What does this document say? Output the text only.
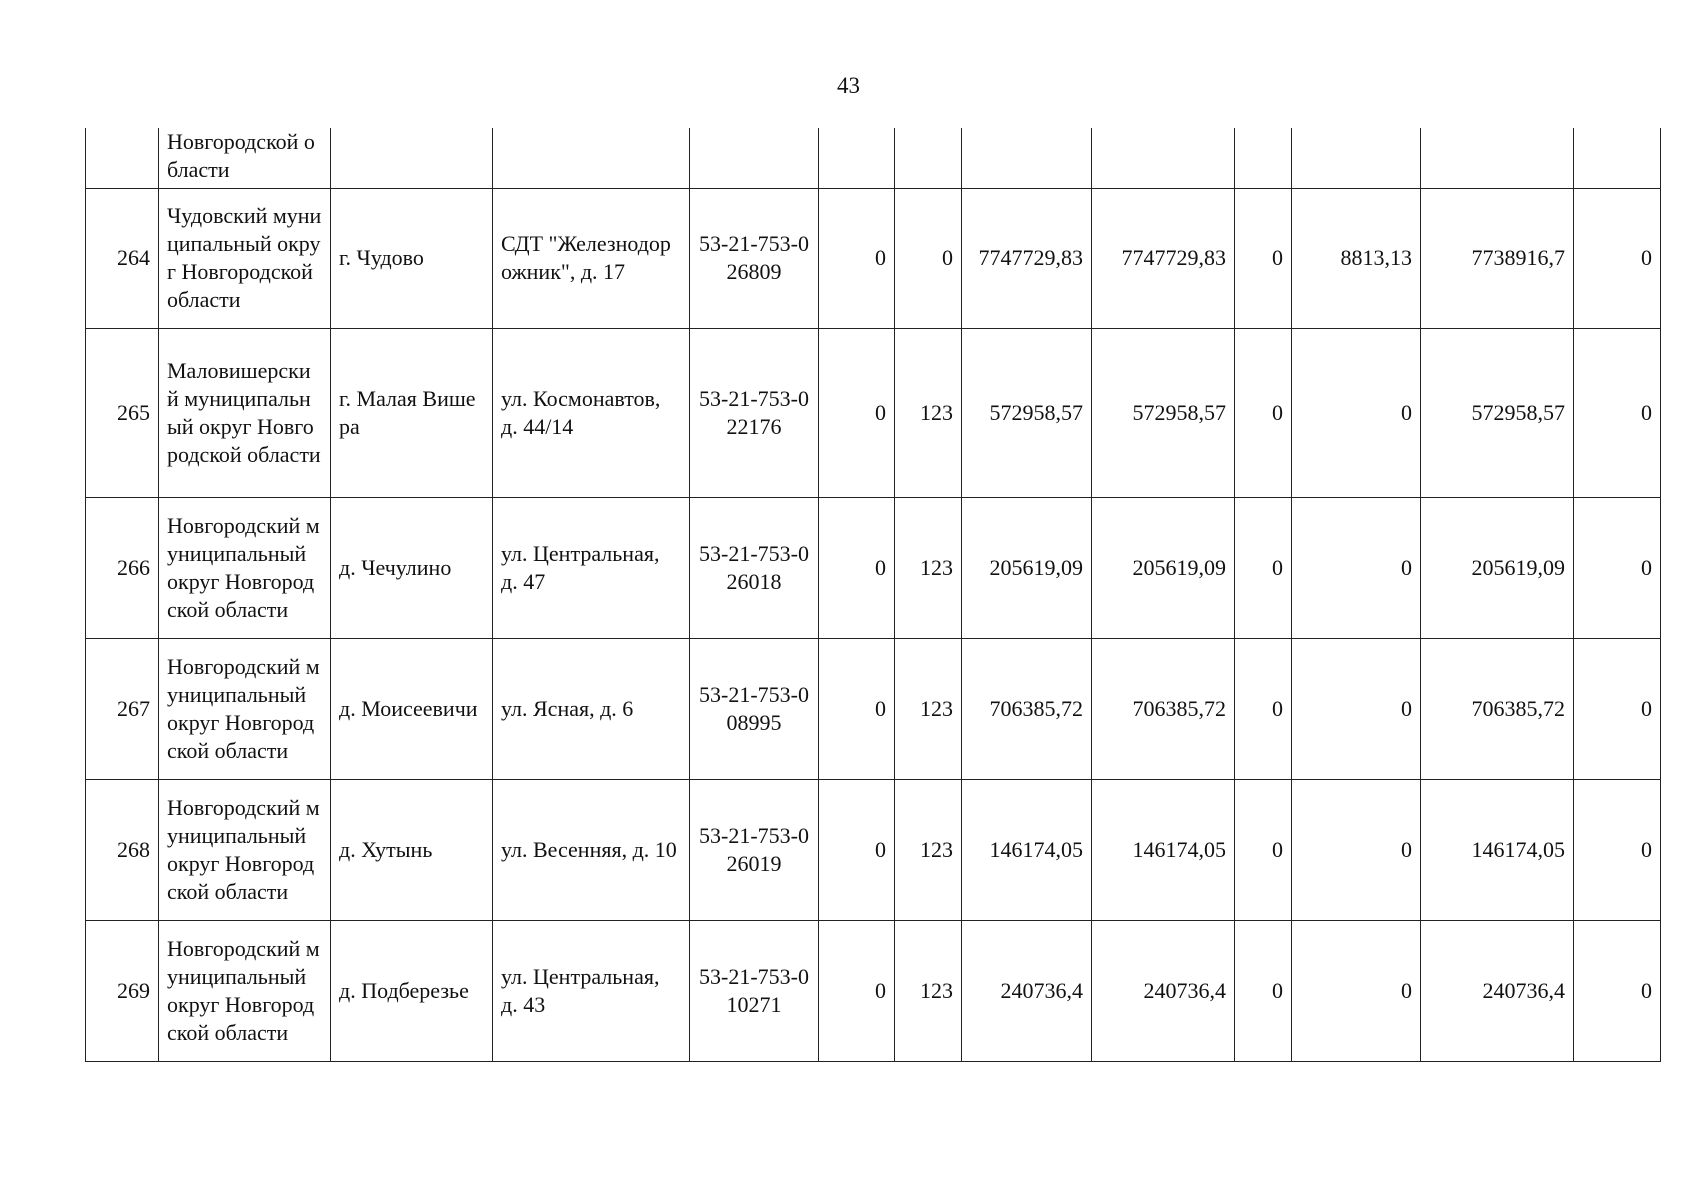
43
	Новгородской области											
264	Чудовский муниципальный округ Новгородской области	г. Чудово	СДТ "Железнодорожник", д. 17	53-21-753-026809	0	0	7747729,83	7747729,83	0	8813,13	7738916,7	0
265	Маловишерский муниципальный округ Новгородской области	г. Малая Вишера	ул. Космонавтов, д. 44/14	53-21-753-022176	0	123	572958,57	572958,57	0	0	572958,57	0
266	Новгородский муниципальный округ Новгородской области	д. Чечулино	ул. Центральная, д. 47	53-21-753-026018	0	123	205619,09	205619,09	0	0	205619,09	0
267	Новгородский муниципальный округ Новгородской области	д. Моисеевичи	ул. Ясная, д. 6	53-21-753-008995	0	123	706385,72	706385,72	0	0	706385,72	0
268	Новгородский муниципальный округ Новгородской области	д. Хутынь	ул. Весенняя, д. 10	53-21-753-026019	0	123	146174,05	146174,05	0	0	146174,05	0
269	Новгородский муниципальный округ Новгородской области	д. Подберезье	ул. Центральная, д. 43	53-21-753-010271	0	123	240736,4	240736,4	0	0	240736,4	0
